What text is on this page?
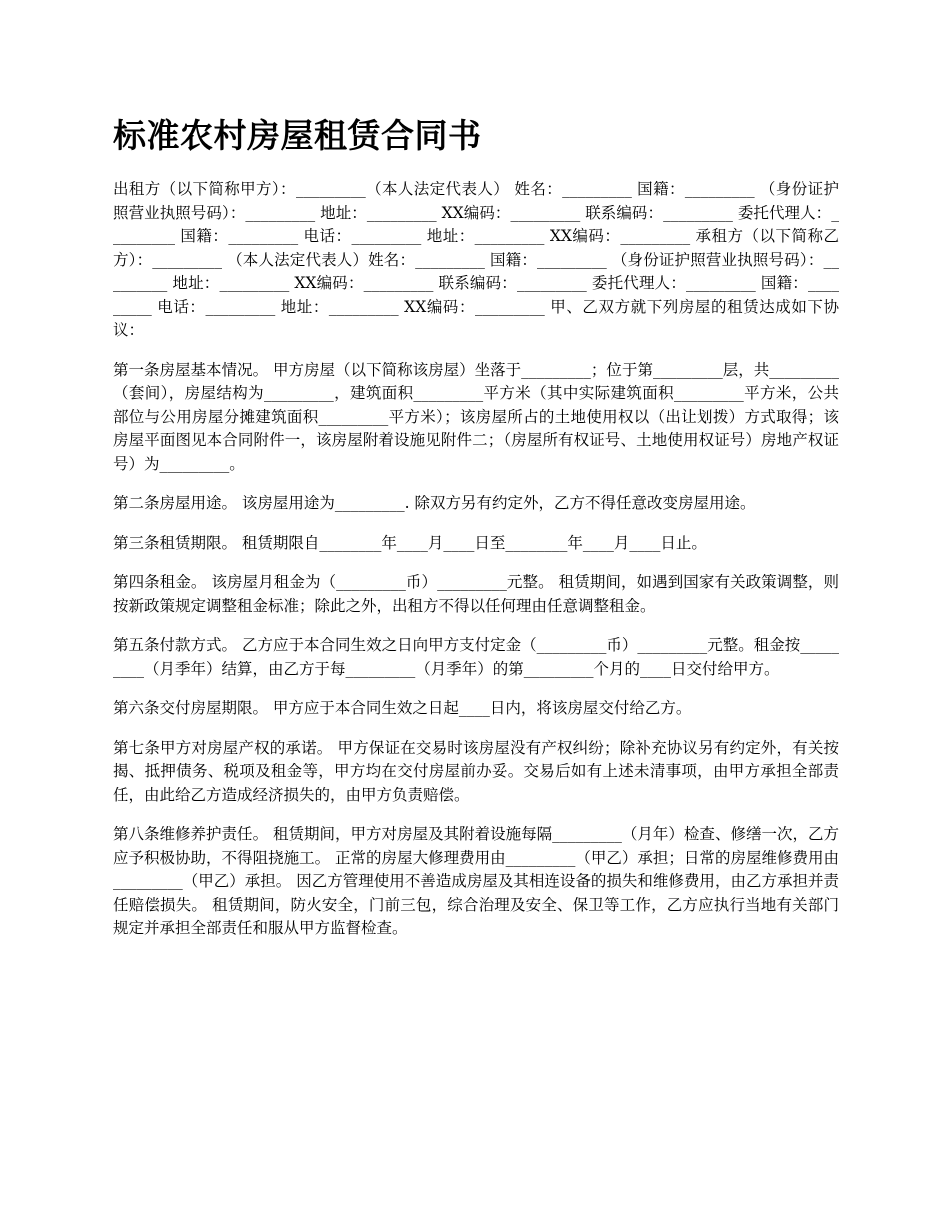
标准农村房屋租赁合同书

出租方（以下简称甲方）：_________（本人法定代表人） 姓名：_________ 国籍：_________ （身份证护照营业执照号码）：_________ 地址：_________ XX编码：_________ 联系编码：_________ 委托代理人：_________ 国籍：_________ 电话：_________ 地址：_________ XX编码：_________ 承租方（以下简称乙方）：_________ （本人法定代表人）姓名：_________ 国籍：_________ （身份证护照营业执照号码）：_________ 地址：_________ XX编码：_________ 联系编码：_________ 委托代理人：_________ 国籍：_________ 电话：_________ 地址：_________ XX编码：_________ 甲、乙双方就下列房屋的租赁达成如下协议：

第一条房屋基本情况。 甲方房屋（以下简称该房屋）坐落于_________；位于第_________层，共_________（套间），房屋结构为_________，建筑面积_________平方米（其中实际建筑面积_________平方米，公共部位与公用房屋分摊建筑面积_________平方米）；该房屋所占的土地使用权以（出让划拨）方式取得；该房屋平面图见本合同附件一，该房屋附着设施见附件二；（房屋所有权证号、土地使用权证号）房地产权证号）为_________。

第二条房屋用途。 该房屋用途为_________. 除双方另有约定外，乙方不得任意改变房屋用途。

第三条租赁期限。 租赁期限自________年____月____日至________年____月____日止。

第四条租金。 该房屋月租金为（_________币）_________元整。 租赁期间，如遇到国家有关政策调整，则按新政策规定调整租金标准；除此之外，出租方不得以任何理由任意调整租金。

第五条付款方式。 乙方应于本合同生效之日向甲方支付定金（_________币）_________元整。租金按_________（月季年）结算，由乙方于每_________（月季年）的第_________个月的____日交付给甲方。

第六条交付房屋期限。 甲方应于本合同生效之日起____日内，将该房屋交付给乙方。

第七条甲方对房屋产权的承诺。 甲方保证在交易时该房屋没有产权纠纷；除补充协议另有约定外，有关按揭、抵押债务、税项及租金等，甲方均在交付房屋前办妥。交易后如有上述未清事项，由甲方承担全部责任，由此给乙方造成经济损失的，由甲方负责赔偿。

第八条维修养护责任。 租赁期间，甲方对房屋及其附着设施每隔_________（月年）检查、修缮一次，乙方应予积极协助，不得阻挠施工。 正常的房屋大修理费用由_________（甲乙）承担；日常的房屋维修费用由_________（甲乙）承担。 因乙方管理使用不善造成房屋及其相连设备的损失和维修费用，由乙方承担并责任赔偿损失。 租赁期间，防火安全，门前三包，综合治理及安全、保卫等工作，乙方应执行当地有关部门规定并承担全部责任和服从甲方监督检查。
